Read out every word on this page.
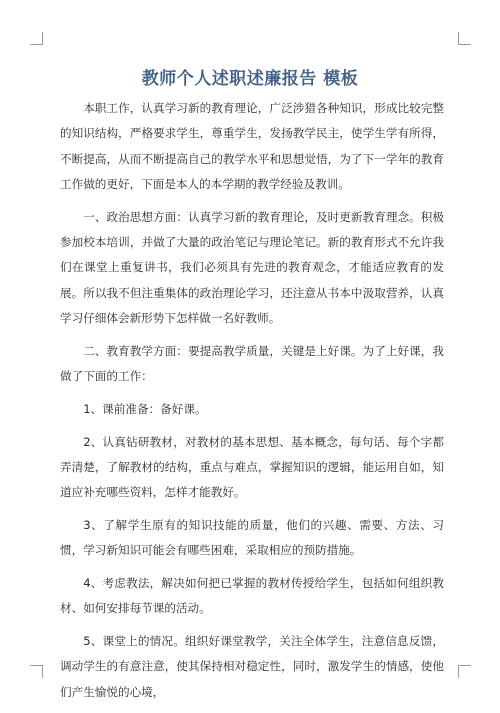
教师个人述职述廉报告 模板

本职工作，认真学习新的教育理论，广泛涉猎各种知识，形成比较完整的知识结构，严格要求学生，尊重学生，发扬教学民主，使学生学有所得，不断提高，从而不断提高自己的教学水平和思想觉悟，为了下一学年的教育工作做的更好，下面是本人的本学期的教学经验及教训。

一、政治思想方面：认真学习新的教育理论，及时更新教育理念。积极参加校本培训，并做了大量的政治笔记与理论笔记。新的教育形式不允许我们在课堂上重复讲书，我们必须具有先进的教育观念，才能适应教育的发展。所以我不但注重集体的政治理论学习，还注意从书本中汲取营养，认真学习仔细体会新形势下怎样做一名好教师。

二、教育教学方面：要提高教学质量，关键是上好课。为了上好课，我做了下面的工作：

1、课前准备：备好课。

2、认真钻研教材，对教材的基本思想、基本概念，每句话、每个字都弄清楚，了解教材的结构，重点与难点，掌握知识的逻辑，能运用自如，知道应补充哪些资料，怎样才能教好。

3、了解学生原有的知识技能的质量，他们的兴趣、需要、方法、习惯，学习新知识可能会有哪些困难，采取相应的预防措施。

4、考虑教法，解决如何把已掌握的教材传授给学生，包括如何组织教材、如何安排每节课的活动。

5、课堂上的情况。组织好课堂教学，关注全体学生，注意信息反馈，调动学生的有意注意，使其保持相对稳定性，同时，激发学生的情感，使他们产生愉悦的心境，
